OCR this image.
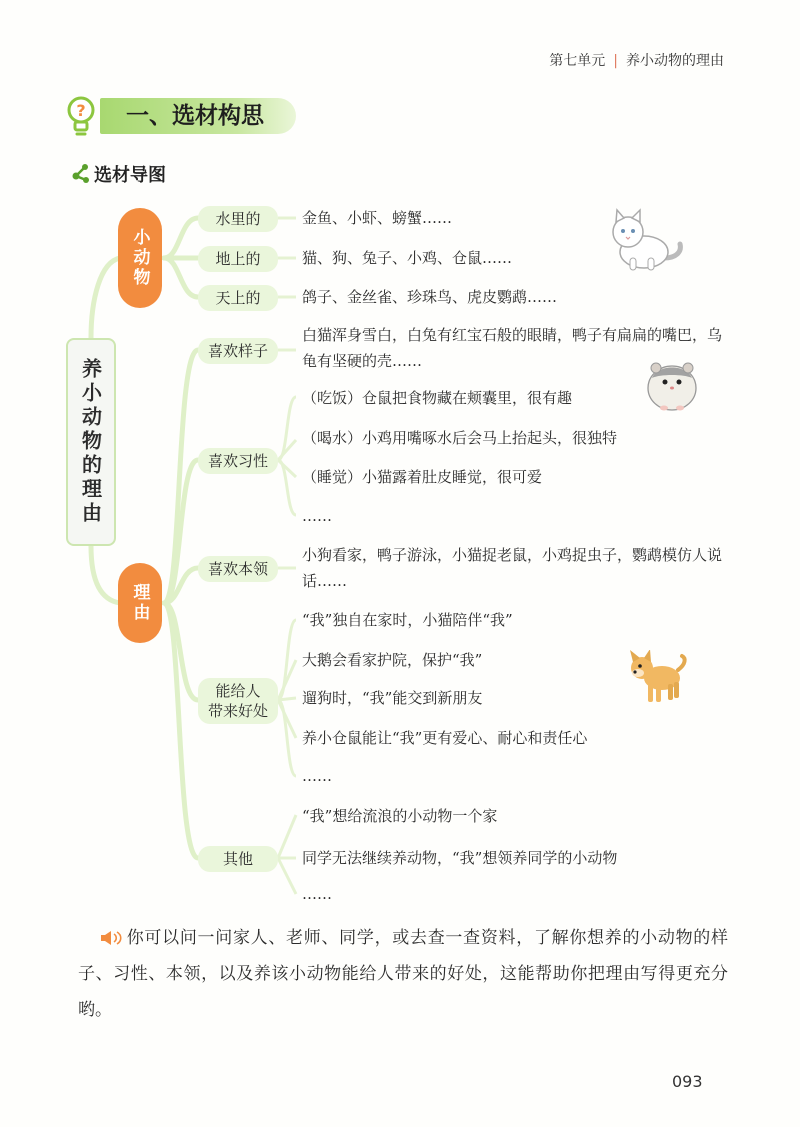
第七单元 | 养小动物的理由
?	一、选材构思
选材导图
养小动物的理由
小动物
理由
水里的
地上的
天上的
喜欢样子
喜欢习性
喜欢本领
能给人
带来好处
其他
金鱼、小虾、螃蟹……
猫、狗、兔子、小鸡、仓鼠……
鸽子、金丝雀、珍珠鸟、虎皮鹦鹉……
白猫浑身雪白，白兔有红宝石般的眼睛，鸭子有扁扁的嘴巴，乌龟有坚硬的壳……
（吃饭）仓鼠把食物藏在颊囊里，很有趣
（喝水）小鸡用嘴啄水后会马上抬起头，很独特
（睡觉）小猫露着肚皮睡觉，很可爱
……
小狗看家，鸭子游泳，小猫捉老鼠，小鸡捉虫子，鹦鹉模仿人说话……
“我”独自在家时，小猫陪伴“我”
大鹅会看家护院，保护“我”
遛狗时，“我”能交到新朋友
养小仓鼠能让“我”更有爱心、耐心和责任心
……
“我”想给流浪的小动物一个家
同学无法继续养动物，“我”想领养同学的小动物
……
你可以问一问家人、老师、同学，或去查一查资料，了解你想养的小动物的样子、习性、本领，以及养该小动物能给人带来的好处，这能帮助你把理由写得更充分哟。
093
